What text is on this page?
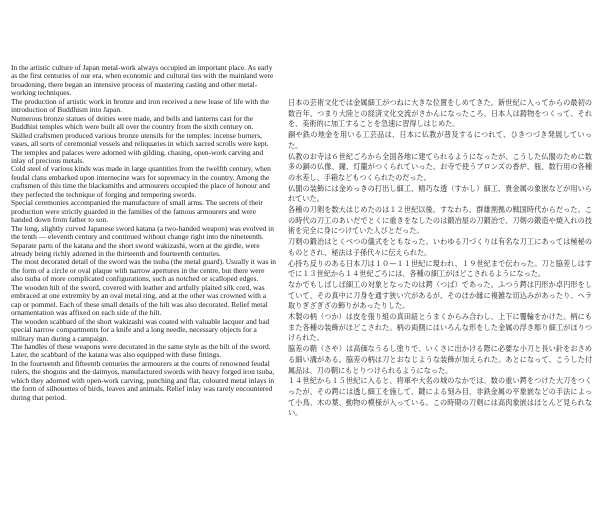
In the artistic culture of Japan metal-work always occupied an important place. As early as the first centuries of our era, when economic and cultural ties with the mainland were broadening, there began an intensive process of mastering casting and other metal-working techniques.

The production of artistic work in bronze and iron received a new lease of life with the introduction of Buddhism into Japan.

Numerous bronze statues of deities were made, and bells and lanterns cast for the Buddhist temples which were built all over the country from the sixth century on. Skilled craftsmen produced various bronze utensils for the temples: incense burners, vases, all sorts of ceremonial vessels and reliquaries in which sacred scrolls were kept.

The temples and palaces were adorned with gilding, chasing, open-work carving and inlay of precious metals.

Cold steel of various kinds was made in large quantities from the twelfth century, when feudal clans embarked upon internecine wars for supremacy in the country. Among the craftsmen of this time the blacksmiths and armourers occupied the place of honour and they perfected the technique of forging and tempering swords.

Special ceremonies accompanied the manufacture of small arms. The secrets of their production were strictly guarded in the families of the famous armourers and were handed down from father to son.

The long, slightly curved Japanese sword katana (a two-handed weapon) was evolved in the tenth — eleventh century and continued without change right into the nineteenth. Separate parts of the katana and the short sword wakizashi, worn at the girdle, were already being richly adorned in the thirteenth and fourteenth centuries.

The most decorated detail of the sword was the tsuba (the metal guard). Usually it was in the form of a circle or oval plaque with narrow apertures in the centre, but there were also tsuba of more complicated configurations, such as notched or scalloped edges.

The wooden hilt of the sword, covered with leather and artfully plaited silk cord, was embraced at one extremity by an oval metal ring, and at the other was crowned with a cap or pommel. Each of these small details of the hilt was also decorated. Relief metal ornamentation was affixed on each side of the hilt.

The wooden scabbard of the short wakizashi was coated with valuable lacquer and had special narrow compartments for a knife and a long needle, necessary objects for a military man during a campaign.

The handles of these weapons were decorated in the same style as the hilt of the sword. Later, the scabbard of the katana was also equipped with these fittings.

In the fourteenth and fifteenth centuries the armourers at the courts of renowned feudal rulers, the shoguns and the daimyos, manufactured swords with heavy forged iron tsuba, which they adorned with open-work carving, punching and flat, coloured metal inlays in the form of silhouettes of birds, leaves and animals. Relief inlay was rarely encountered during that period.

日本の芸術文化では金属細工がつねに大きな位置をしめてきた。新世紀に入ってからの最初の数百年、つまり大陸との経済文化交流がさかんになったころ、日本人は鋳物をつくって、それを、美術的に加工することを急速に習得しはじめた。

銅や鉄の地金を用いる工芸品は、日本に仏教が普及するにつれて、ひきつづき発展していった。

仏教のお寺は６世紀ごろから全国各地に建てられるようになったが、こうした仏閣のために数多の銅の仏像、鐘、灯籠がつくられていった。お寺で使うブロンズの香炉、瓶、数行用の各種の水差し、手箱などもつくられたのだった。

仏閣の装飾には金めっきの打出し細工、精巧な透（すかし）細工、貴金属の象嵌などが用いられていた。

各種の刀剣を数大はじめたのは１２世紀以後。すなわち、群雄割拠の戦国時代からだった。この時代の刀工のあいだでとくに重きをなしたのは鍛冶屋の刀鍛冶で、刀剣の鍛造や焼入れの技術を完全に身につけていた人びとだった。

刀剣の鍛冶はとくべつの儀式をともなった。いわゆる刀づくりは有名な刀工にあっては極秘のものとされ、秘法は子孫代々に伝えられた。

心持ち反りのある日本刀は１０—１１世紀に現われ、１９世紀まで伝わった。刀と脇差しはすでに１３世紀から１４世紀ごろには、各種の細工がほどこされるようになった。

なかでもしばしば細工の対象となったのは鍔（つば）であった。ふつう鍔は円形か卓円形をしていて、その真中に刀身を通す狭い穴があるが、そのほか縁に複雑な切込みがあったり、ヘラ取りぎざぎざの飾りがあったりした。

木製の柄（つか）は皮を張り組の真田紐とうまくからみ合わし、上下に覆輪をかけた。柄にもまた各種の装飾がほどこされた。柄の両側にはいろんな形をした金属の浮き彫り細工がほりつけられた。

脇差の鞘（さや）は高価なうるし塗りで、いくさに出かける際に必要な小刀と長い針をおさめる細い溝がある。脇差の柄は刀とおなじような装飾が加えられた。あとになって、こうした付属品は、刀の鞘にもとりつけられるようになった。

１４世紀から１５世紀に入ると、将軍や大名の城のなかでは、数の重い鍔をつけた大刀をつくったが、その鍔には透し細工を施して、鍵による刻み目、非鉄金属の平象嵌などの手法によって小鳥、木の葉、動物の模様が入っている。この時期の刀剣には高肉象嵌はほとんど見られない。
